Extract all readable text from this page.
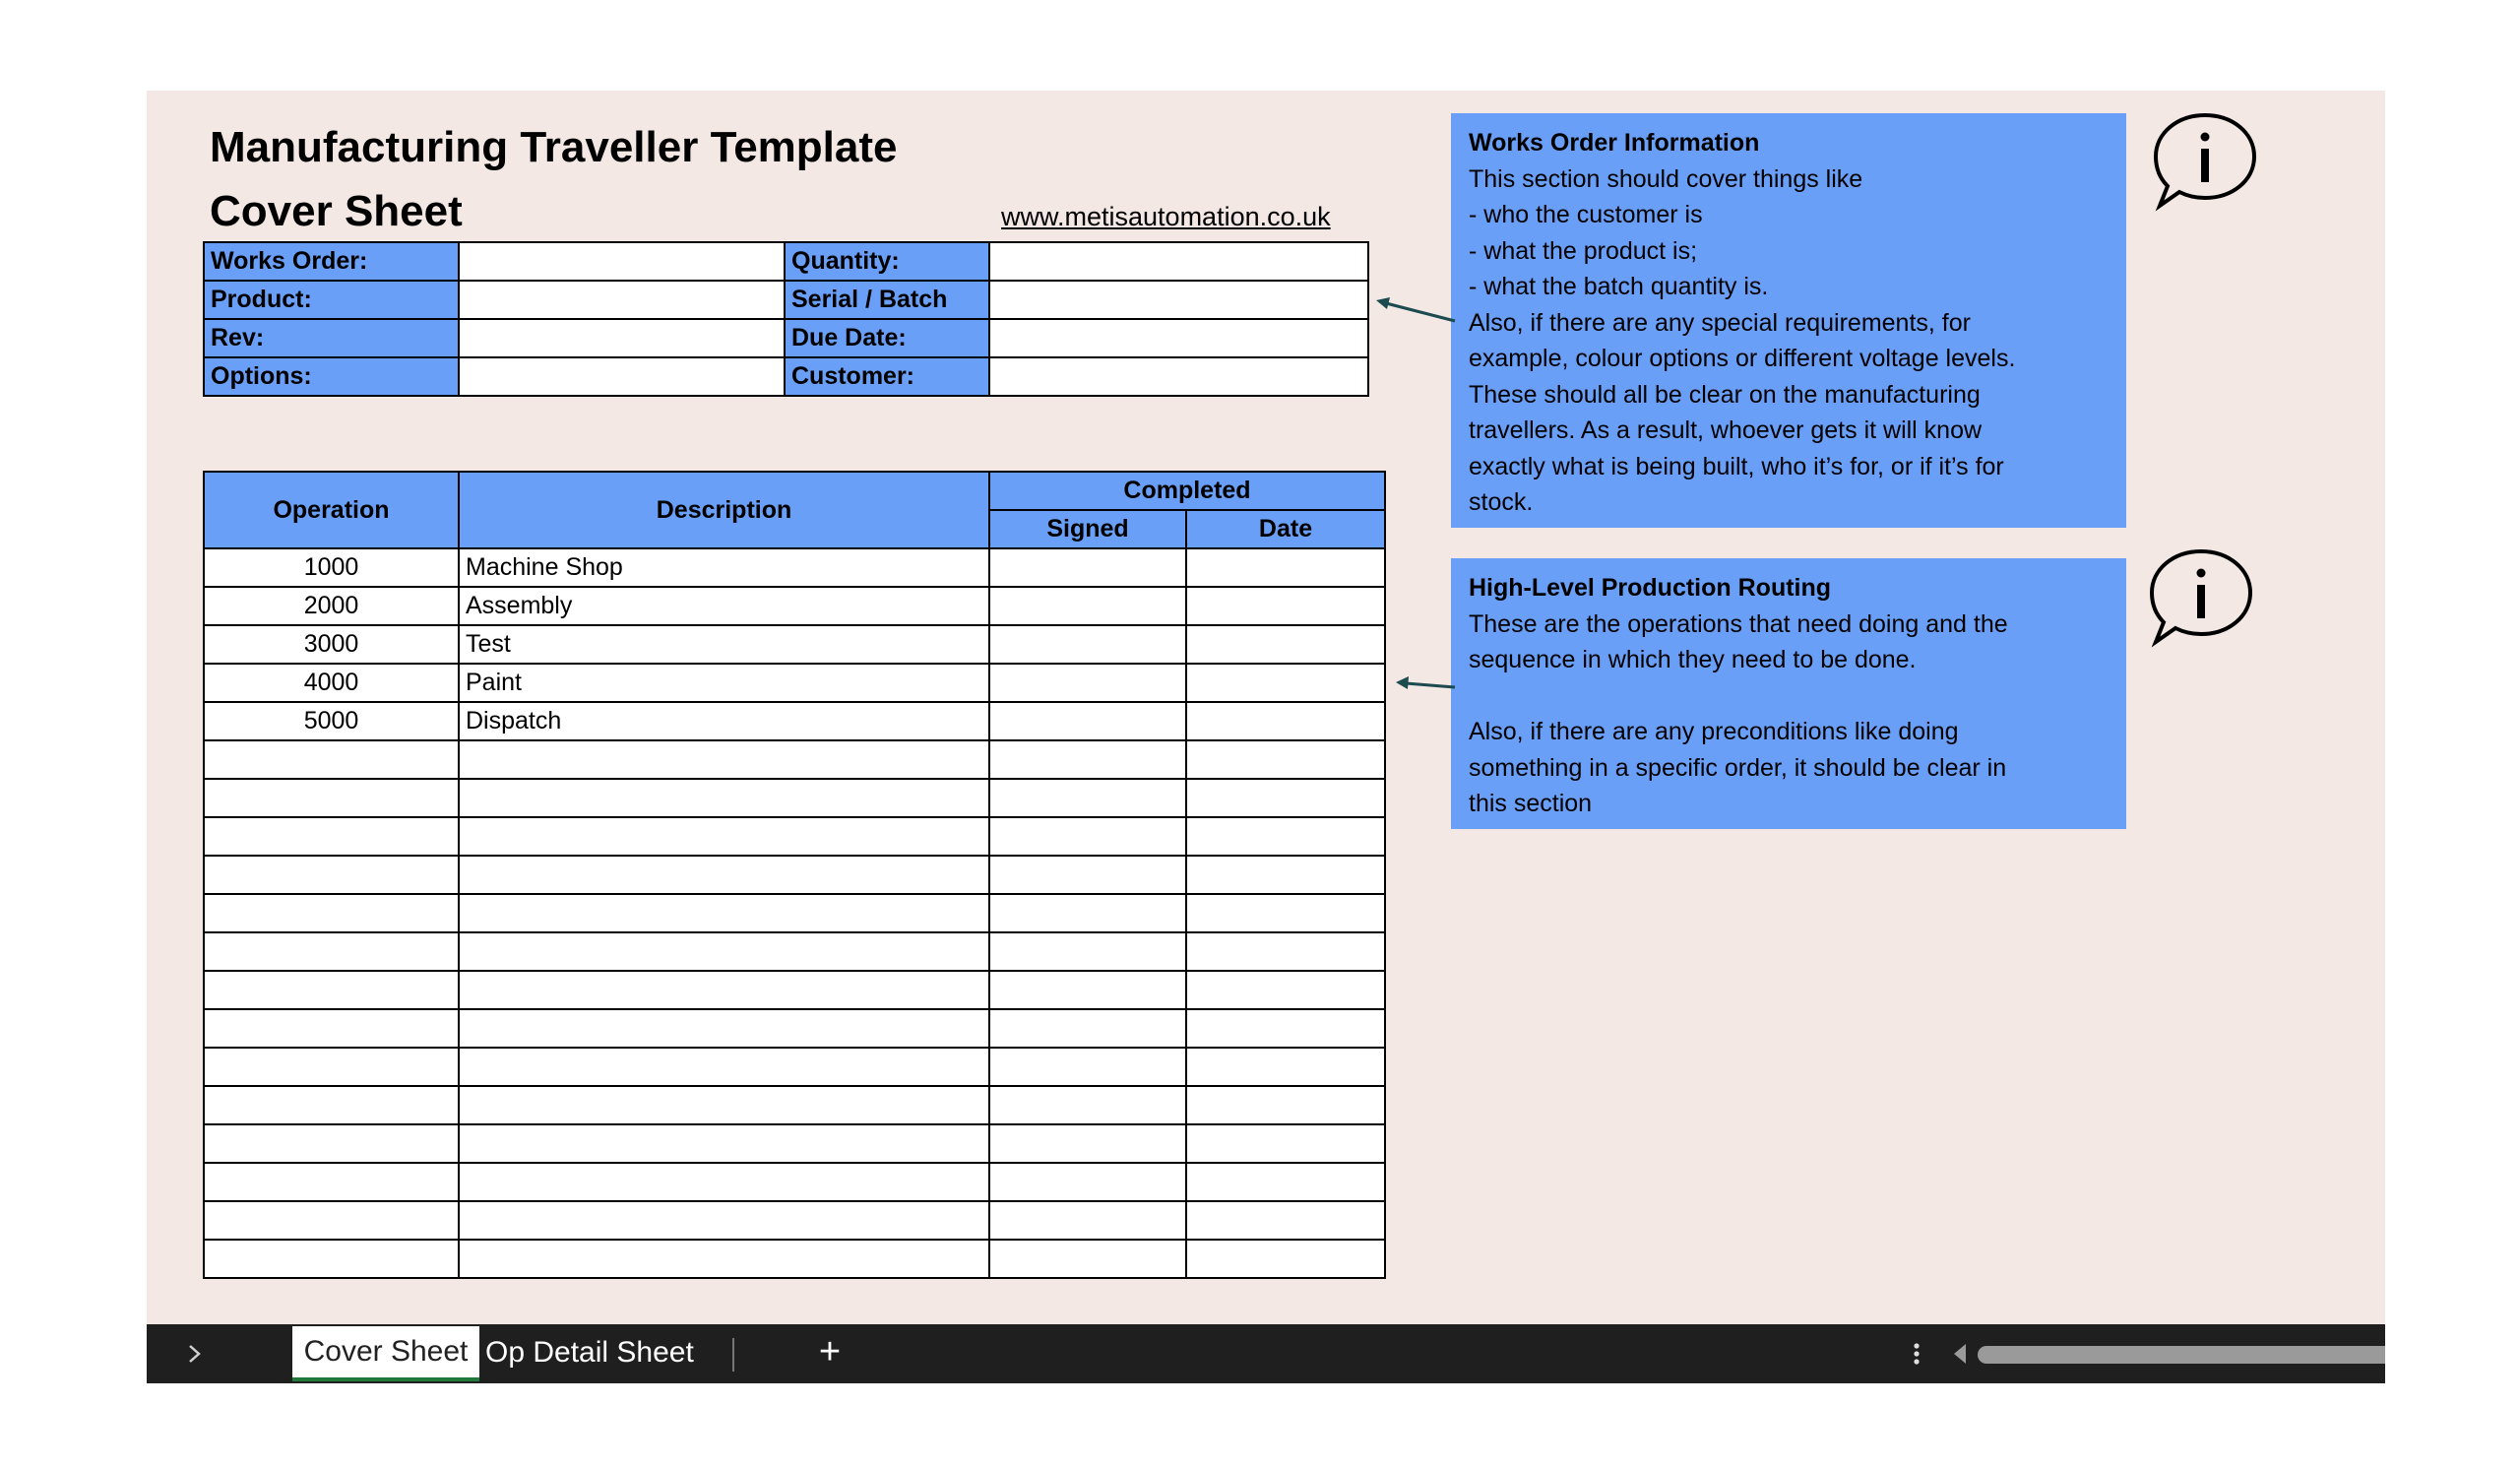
Manufacturing Traveller Template
Cover Sheet	www.metisautomation.co.uk
Works Order:		Quantity:	
Product:		Serial / Batch	
Rev:		Due Date:	
Options:		Customer:	
Operation	Description	Completed	
		Signed	Date
1000	Machine Shop		
2000	Assembly		
3000	Test		
4000	Paint		
5000	Dispatch		

Works Order Information
This section should cover things like
- who the customer is
- what the product is;
- what the batch quantity is.
Also, if there are any special requirements, for
example, colour options or different voltage levels.
These should all be clear on the manufacturing
travellers. As a result, whoever gets it will know
exactly what is being built, who it’s for, or if it’s for
stock.
High-Level Production Routing
These are the operations that need doing and the
sequence in which they need to be done.

Also, if there are any preconditions like doing
something in a specific order, it should be clear in
this section
Cover Sheet Op Detail Sheet	+
